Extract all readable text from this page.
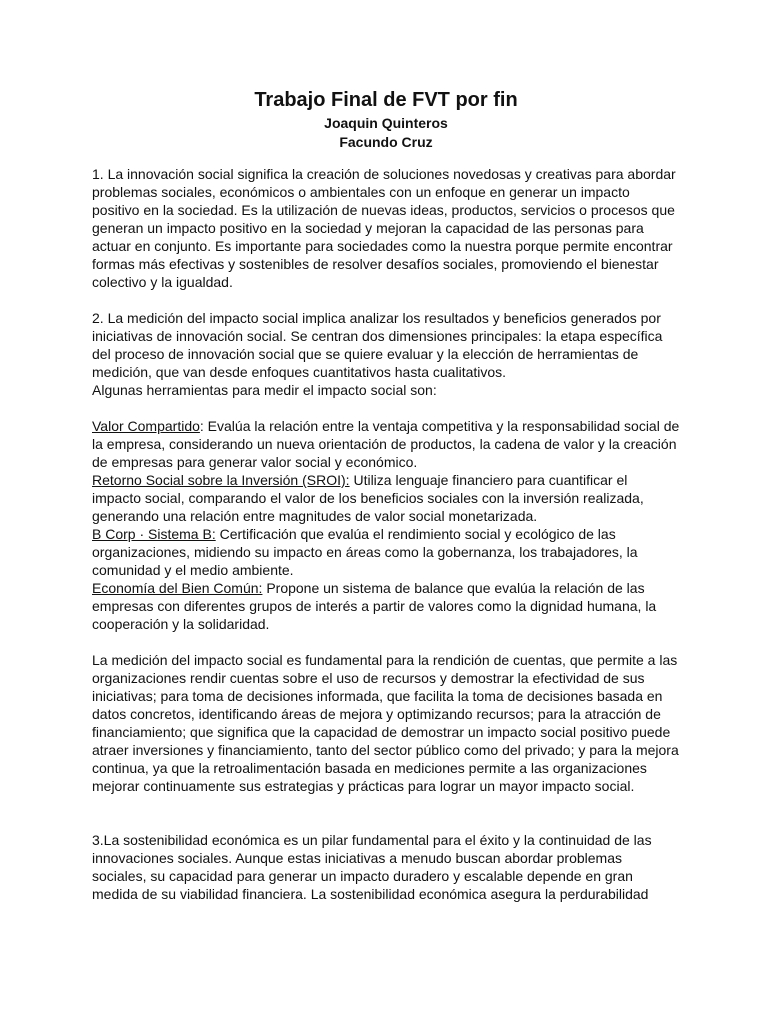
Trabajo Final de FVT por fin
Joaquin Quinteros
Facundo Cruz

1. La innovación social significa la creación de soluciones novedosas y creativas para abordar problemas sociales, económicos o ambientales con un enfoque en generar un impacto positivo en la sociedad. Es la utilización de nuevas ideas, productos, servicios o procesos que generan un impacto positivo en la sociedad y mejoran la capacidad de las personas para actuar en conjunto. Es importante para sociedades como la nuestra porque permite encontrar formas más efectivas y sostenibles de resolver desafíos sociales, promoviendo el bienestar colectivo y la igualdad.

2. La medición del impacto social implica analizar los resultados y beneficios generados por iniciativas de innovación social. Se centran dos dimensiones principales: la etapa específica del proceso de innovación social que se quiere evaluar y la elección de herramientas de medición, que van desde enfoques cuantitativos hasta cualitativos.

Algunas herramientas para medir el impacto social son:

Valor Compartido: Evalúa la relación entre la ventaja competitiva y la responsabilidad social de la empresa, considerando un nueva orientación de productos, la cadena de valor y la creación de empresas para generar valor social y económico.

Retorno Social sobre la Inversión (SROI): Utiliza lenguaje financiero para cuantificar el impacto social, comparando el valor de los beneficios sociales con la inversión realizada, generando una relación entre magnitudes de valor social monetarizada.

B Corp · Sistema B: Certificación que evalúa el rendimiento social y ecológico de las organizaciones, midiendo su impacto en áreas como la gobernanza, los trabajadores, la comunidad y el medio ambiente.

Economía del Bien Común: Propone un sistema de balance que evalúa la relación de las empresas con diferentes grupos de interés a partir de valores como la dignidad humana, la cooperación y la solidaridad.

La medición del impacto social es fundamental para la rendición de cuentas, que permite a las organizaciones rendir cuentas sobre el uso de recursos y demostrar la efectividad de sus iniciativas; para toma de decisiones informada, que facilita la toma de decisiones basada en datos concretos, identificando áreas de mejora y optimizando recursos; para la atracción de financiamiento; que significa que la capacidad de demostrar un impacto social positivo puede atraer inversiones y financiamiento, tanto del sector público como del privado; y para la mejora continua, ya que la retroalimentación basada en mediciones permite a las organizaciones mejorar continuamente sus estrategias y prácticas para lograr un mayor impacto social.

3.La sostenibilidad económica es un pilar fundamental para el éxito y la continuidad de las innovaciones sociales. Aunque estas iniciativas a menudo buscan abordar problemas sociales, su capacidad para generar un impacto duradero y escalable depende en gran medida de su viabilidad financiera. La sostenibilidad económica asegura la perdurabilidad
